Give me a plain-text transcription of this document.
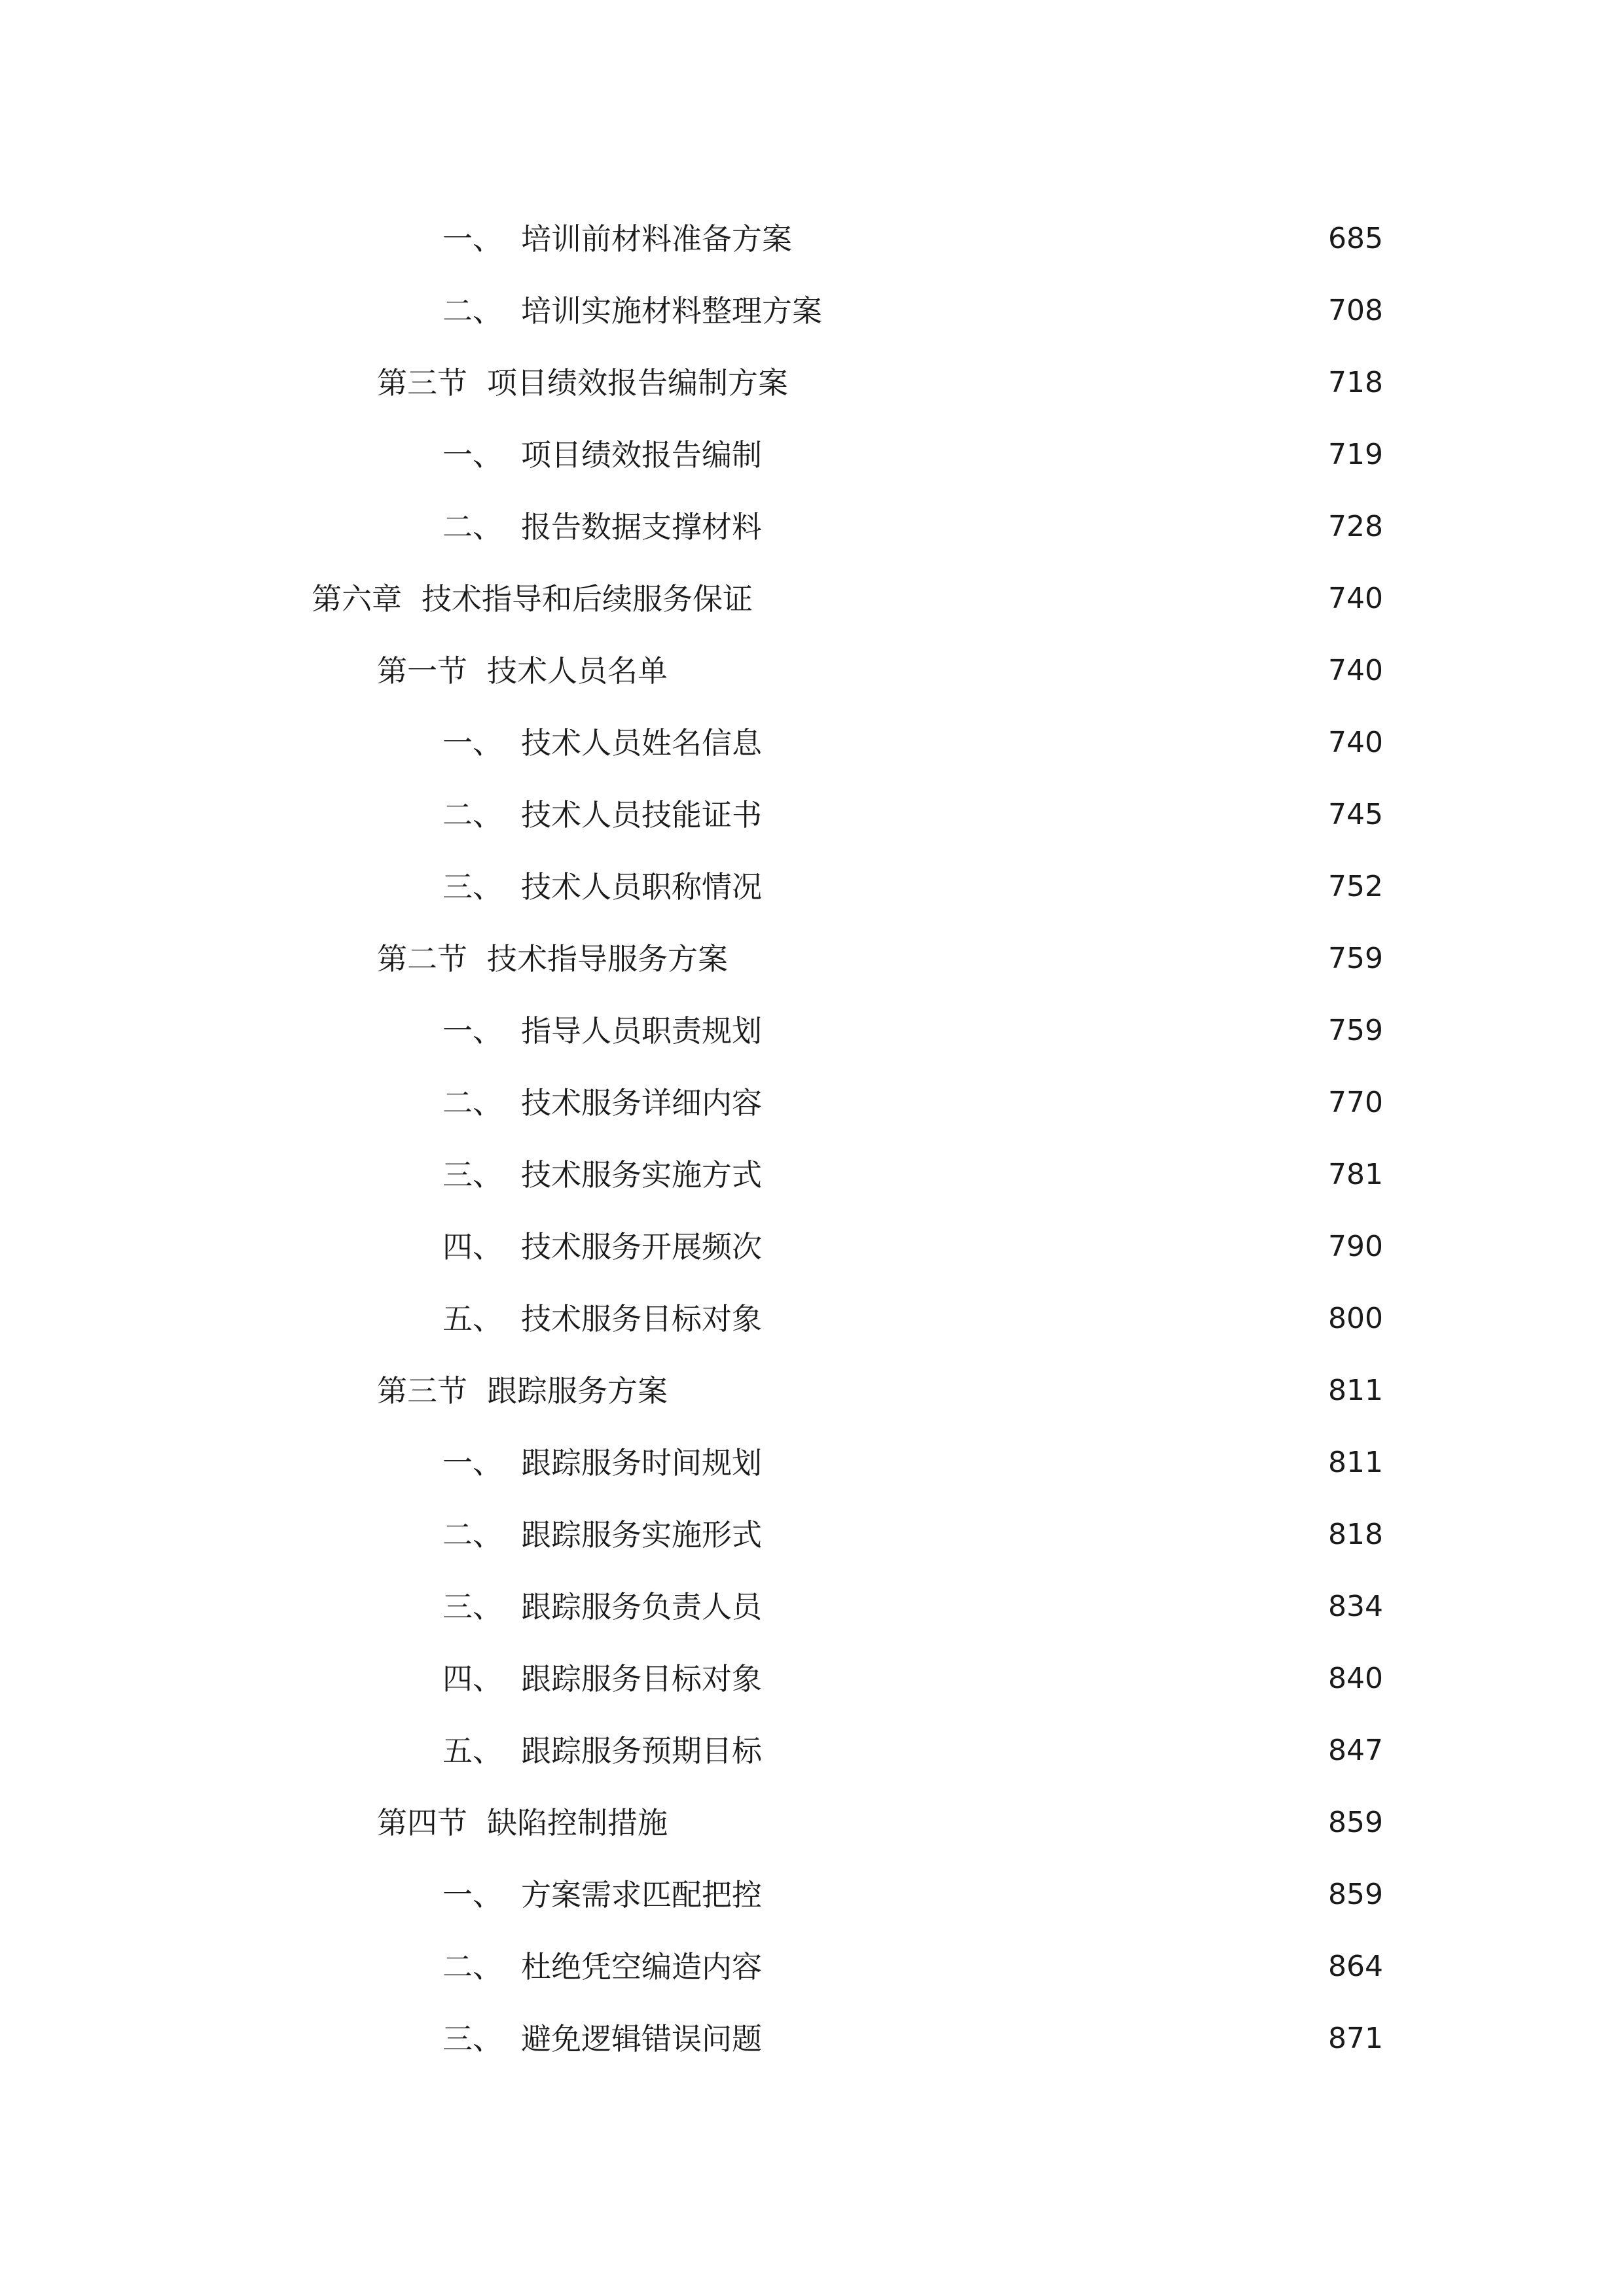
一、 培训前材料准备方案	685
二、 培训实施材料整理方案	708
第三节 项目绩效报告编制方案	718
一、 项目绩效报告编制	719
二、 报告数据支撑材料	728
第六章 技术指导和后续服务保证	740
第一节 技术人员名单	740
一、 技术人员姓名信息	740
二、 技术人员技能证书	745
三、 技术人员职称情况	752
第二节 技术指导服务方案	759
一、 指导人员职责规划	759
二、 技术服务详细内容	770
三、 技术服务实施方式	781
四、 技术服务开展频次	790
五、 技术服务目标对象	800
第三节 跟踪服务方案	811
一、 跟踪服务时间规划	811
二、 跟踪服务实施形式	818
三、 跟踪服务负责人员	834
四、 跟踪服务目标对象	840
五、 跟踪服务预期目标	847
第四节 缺陷控制措施	859
一、 方案需求匹配把控	859
二、 杜绝凭空编造内容	864
三、 避免逻辑错误问题	871
